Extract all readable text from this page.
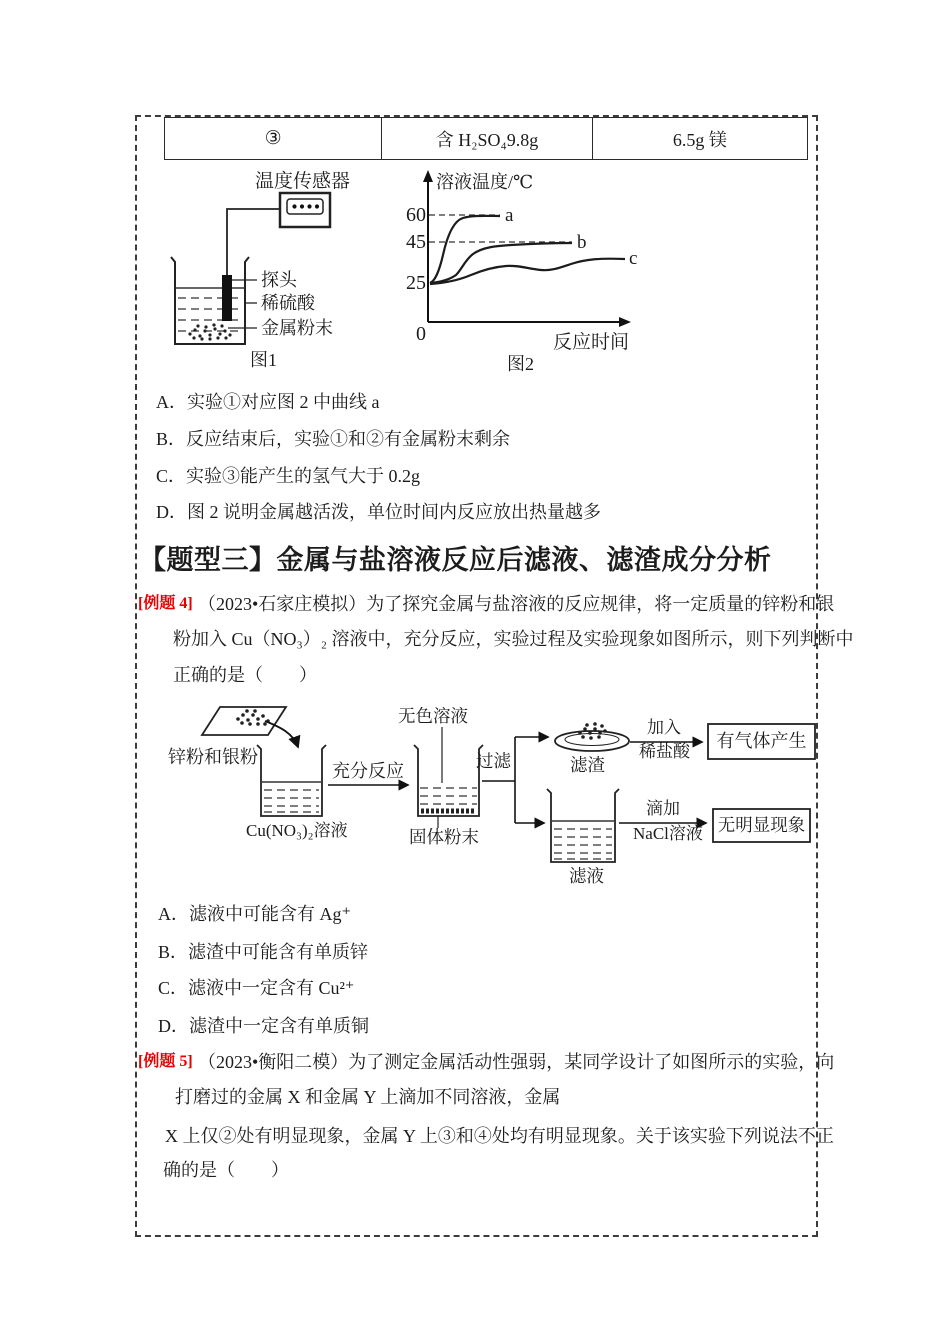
③	含 H₂SO₄9.8g	6.5g 镁
温度传感器
探头
稀硫酸
金属粉末
图1
溶液温度/℃
60
45
25
0
a
b
c
反应时间
图2
A．实验①对应图 2 中曲线 a
B．反应结束后，实验①和②有金属粉末剩余
C．实验③能产生的氢气大于 0.2g
D．图 2 说明金属越活泼，单位时间内反应放出热量越多
【题型三】金属与盐溶液反应后滤液、滤渣成分分析
[例题 4] （2023•石家庄模拟）为了探究金属与盐溶液的反应规律，将一定质量的锌粉和银
粉加入 Cu（NO₃）₂ 溶液中，充分反应，实验过程及实验现象如图所示，则下列判断中
正确的是（　　）
锌粉和银粉
Cu(NO₃)₂溶液
充分反应
无色溶液
固体粉末
过滤	滤渣
加入
稀盐酸
有气体产生
滤液
滴加
NaCl溶液 无明显现象
A．滤液中可能含有 Ag⁺
B．滤渣中可能含有单质锌
C．滤液中一定含有 Cu²⁺
D．滤渣中一定含有单质铜
[例题 5] （2023•衡阳二模）为了测定金属活动性强弱，某同学设计了如图所示的实验，向
打磨过的金属 X 和金属 Y 上滴加不同溶液，金属
X 上仅②处有明显现象，金属 Y 上③和④处均有明显现象。关于该实验下列说法不正
确的是（　　）
